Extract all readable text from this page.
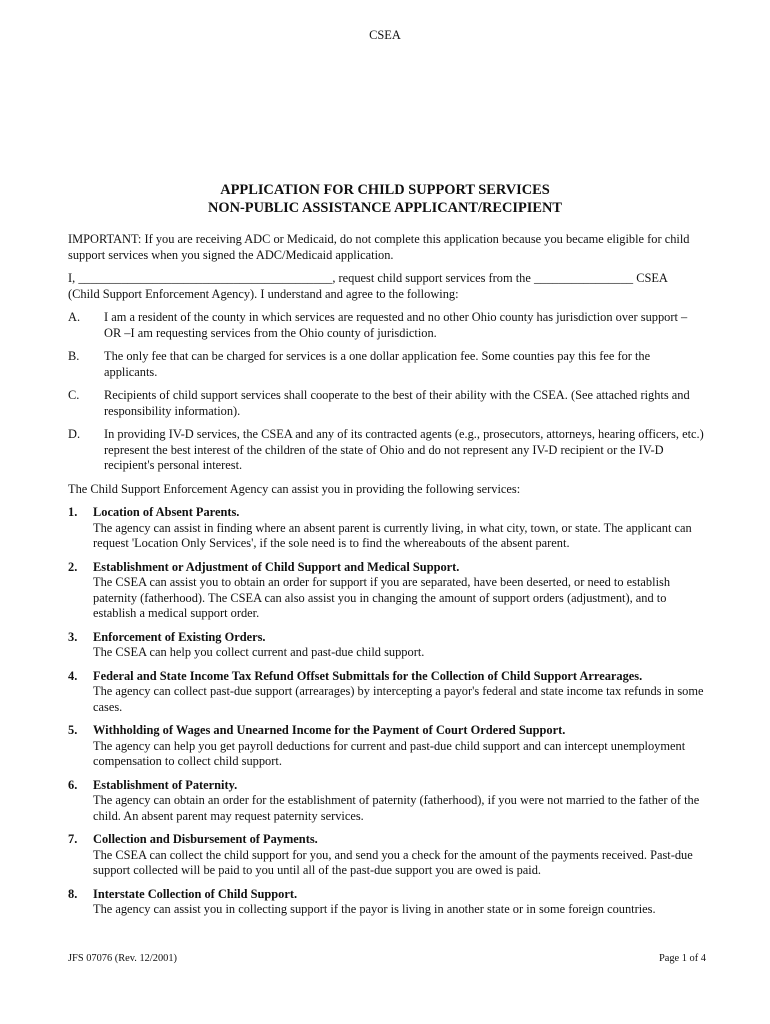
CSEA
APPLICATION FOR CHILD SUPPORT SERVICES
NON-PUBLIC ASSISTANCE APPLICANT/RECIPIENT

IMPORTANT: If you are receiving ADC or Medicaid, do not complete this application because you became eligible for child support services when you signed the ADC/Medicaid application.

I, _________________________________________, request child support services from the ________________ CSEA
(Child Support Enforcement Agency). I understand and agree to the following:

A.	I am a resident of the county in which services are requested and no other Ohio county has jurisdiction over support – OR –I am requesting services from the Ohio county of jurisdiction.
B.	The only fee that can be charged for services is a one dollar application fee. Some counties pay this fee for the applicants.
C.	Recipients of child support services shall cooperate to the best of their ability with the CSEA. (See attached rights and responsibility information).
D.	In providing IV-D services, the CSEA and any of its contracted agents (e.g., prosecutors, attorneys, hearing officers, etc.) represent the best interest of the children of the state of Ohio and do not represent any IV-D recipient or the IV-D recipient's personal interest.

The Child Support Enforcement Agency can assist you in providing the following services:

1.	Location of Absent Parents.
The agency can assist in finding where an absent parent is currently living, in what city, town, or state. The applicant can request 'Location Only Services', if the sole need is to find the whereabouts of the absent parent.
2.	Establishment or Adjustment of Child Support and Medical Support.
The CSEA can assist you to obtain an order for support if you are separated, have been deserted, or need to establish paternity (fatherhood). The CSEA can also assist you in changing the amount of support orders (adjustment), and to establish a medical support order.
3.	Enforcement of Existing Orders.
The CSEA can help you collect current and past-due child support.
4.	Federal and State Income Tax Refund Offset Submittals for the Collection of Child Support Arrearages.
The agency can collect past-due support (arrearages) by intercepting a payor's federal and state income tax refunds in some cases.
5.	Withholding of Wages and Unearned Income for the Payment of Court Ordered Support.
The agency can help you get payroll deductions for current and past-due child support and can intercept unemployment compensation to collect child support.
6.	Establishment of Paternity.
The agency can obtain an order for the establishment of paternity (fatherhood), if you were not married to the father of the child. An absent parent may request paternity services.
7.	Collection and Disbursement of Payments.
The CSEA can collect the child support for you, and send you a check for the amount of the payments received. Past-due support collected will be paid to you until all of the past-due support you are owed is paid.
8.	Interstate Collection of Child Support.
The agency can assist you in collecting support if the payor is living in another state or in some foreign countries.
JFS 07076 (Rev. 12/2001)	Page 1 of 4
